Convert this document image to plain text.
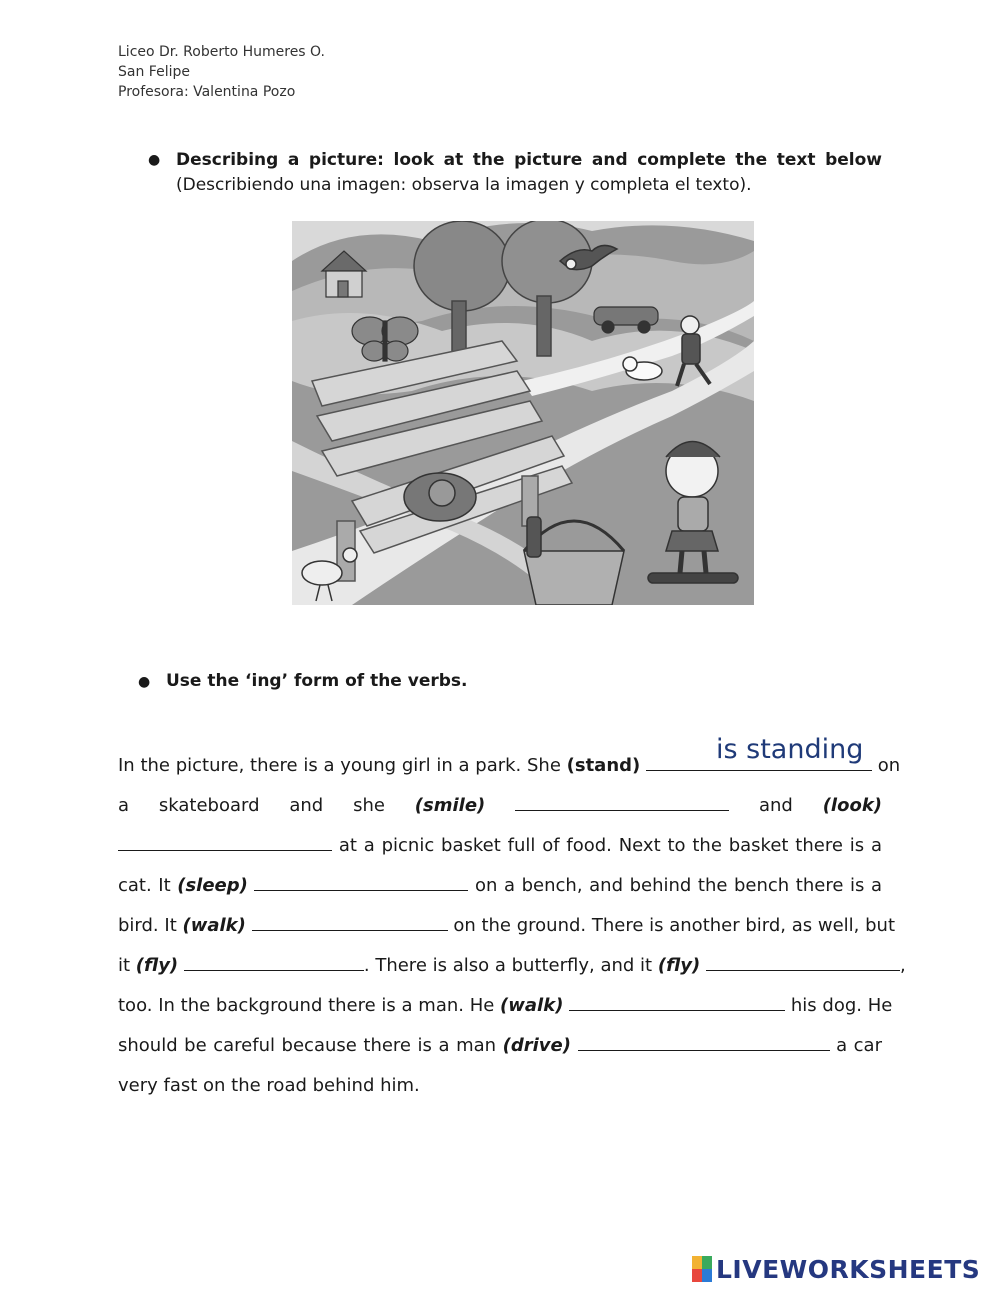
Liceo Dr. Roberto Humeres O.
San Felipe
Profesora: Valentina Pozo
● Describing a picture: look at the picture and complete the text below
(Describiendo una imagen: observa la imagen y completa el texto).
● Use the ‘ing’ form of the verbs.
In the picture, there is a young girl in a park. She (stand)
is standing
on
a skateboard and she (smile)	and (look)
at a picnic basket full of food. Next to the basket there is a
cat. It (sleep)	on a bench, and behind the bench there is a
bird. It (walk)	on the ground. There is another bird, as well, but
it (fly)	. There is also a butterfly, and it (fly)	,
too. In the background there is a man. He (walk)	his dog. He
should be careful because there is a man (drive)	a car
very fast on the road behind him.
LIVEWORKSHEETS
